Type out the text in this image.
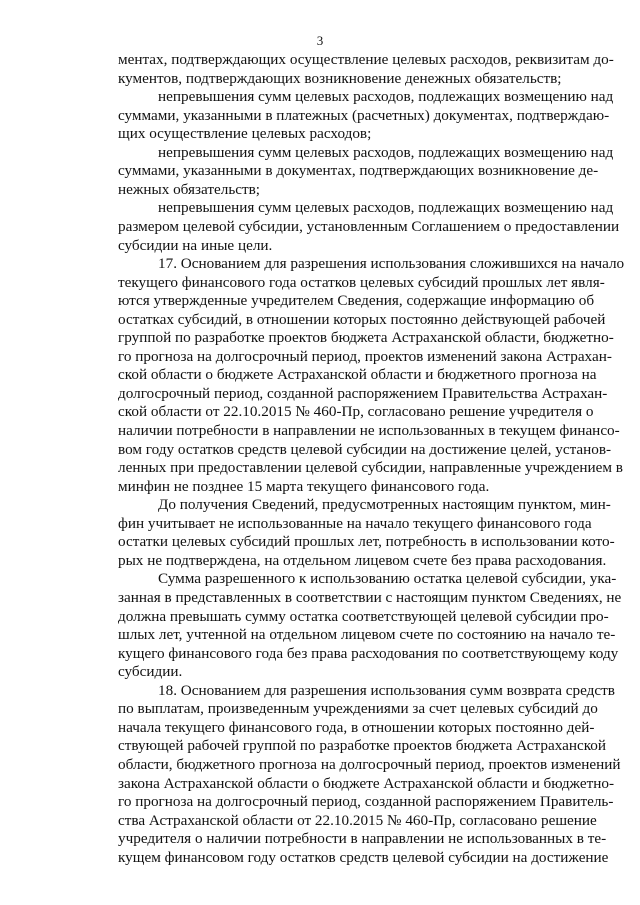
3
ментах, подтверждающих осуществление целевых расходов, реквизитам до-
кументов, подтверждающих возникновение денежных обязательств;
непревышения сумм целевых расходов, подлежащих возмещению над
суммами, указанными в платежных (расчетных) документах, подтверждаю-
щих осуществление целевых расходов;
непревышения сумм целевых расходов, подлежащих возмещению над
суммами, указанными в документах, подтверждающих возникновение де-
нежных обязательств;
непревышения сумм целевых расходов, подлежащих возмещению над
размером целевой субсидии, установленным Соглашением о предоставлении
субсидии на иные цели.
17. Основанием для разрешения использования сложившихся на начало
текущего финансового года остатков целевых субсидий прошлых лет явля-
ются утвержденные учредителем Сведения, содержащие информацию об
остатках субсидий, в отношении которых постоянно действующей рабочей
группой по разработке проектов бюджета Астраханской области, бюджетно-
го прогноза на долгосрочный период, проектов изменений закона Астрахан-
ской области о бюджете Астраханской области и бюджетного прогноза на
долгосрочный период, созданной распоряжением Правительства Астрахан-
ской области от 22.10.2015 № 460-Пр, согласовано решение учредителя о
наличии потребности в направлении не использованных в текущем финансо-
вом году остатков средств целевой субсидии на достижение целей, установ-
ленных при предоставлении целевой субсидии, направленные учреждением в
минфин не позднее 15 марта текущего финансового года.
До получения Сведений, предусмотренных настоящим пунктом, мин-
фин учитывает не использованные на начало текущего финансового года
остатки целевых субсидий прошлых лет, потребность в использовании кото-
рых не подтверждена, на отдельном лицевом счете без права расходования.
Сумма разрешенного к использованию остатка целевой субсидии, ука-
занная в представленных в соответствии с настоящим пунктом Сведениях, не
должна превышать сумму остатка соответствующей целевой субсидии про-
шлых лет, учтенной на отдельном лицевом счете по состоянию на начало те-
кущего финансового года без права расходования по соответствующему коду
субсидии.
18. Основанием для разрешения использования сумм возврата средств
по выплатам, произведенным учреждениями за счет целевых субсидий до
начала текущего финансового года, в отношении которых постоянно дей-
ствующей рабочей группой по разработке проектов бюджета Астраханской
области, бюджетного прогноза на долгосрочный период, проектов изменений
закона Астраханской области о бюджете Астраханской области и бюджетно-
го прогноза на долгосрочный период, созданной распоряжением Правитель-
ства Астраханской области от 22.10.2015 № 460-Пр, согласовано решение
учредителя о наличии потребности в направлении не использованных в те-
кущем финансовом году остатков средств целевой субсидии на достижение
